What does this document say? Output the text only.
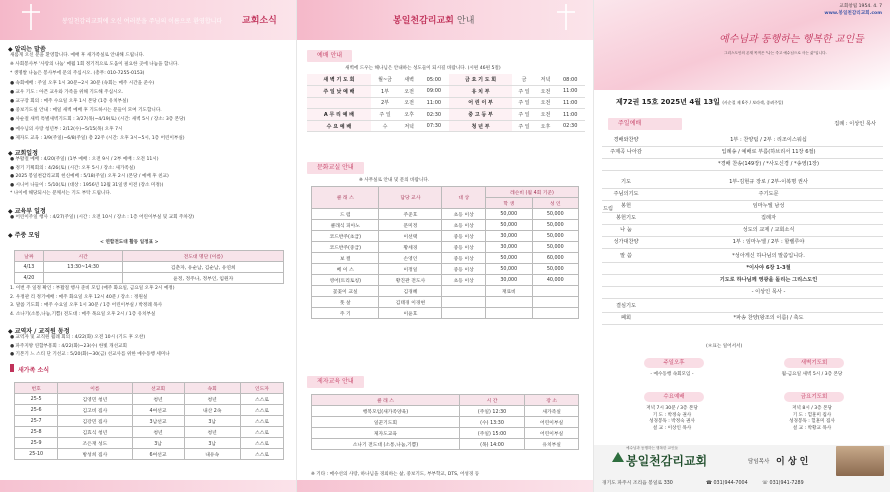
봉일천감리교회에 오신 여러분을 주님의 이름으로 환영합니다 교회소식
◆ 알리는 말씀
새롭게 오신 분을 환영합니다. 예배 후 새가족실로 안내해 드립니다.
※ 사회봉사부 '사랑의 나눔' 매월 1회 정기적으로 도움이 필요한 곳에 나눔을 합니다.
* 생명쌀 나눔은 봉사부에 문의 주십시오. (총무: 010-7255-0153)
● 속회예배 : 주일 오후 1시 30분~2시 30분 (속회는 매주 시간을 준수)
● 교우 기도 : 아픈 교우와 가족을 위해 기도해 주십시오.
● 교구장 회의 : 매주 수요일 오후 1시 본당 (1층 유치부실)
● 중보기도실 안내 : 매일 새벽 예배 후 기도하시는 분들이 모여 기도합니다.
● 사순절 새벽 특별새벽기도회 : 3/27(목)~4/19(토) (시간: 새벽 5시 / 장소: 3층 본당)
● 예수님의 사랑 청년부 : 2/12(수)~5/15(목) 오후 7시
● 제자도 교육 : 3/9(주일)~6/8(주일) 총 22주 (시간: 오후 3시~5시, 1층 어린이부실)
◆ 교회일정
● 부활절 예배 : 4/20(주일) (1부 예배 : 오전 9시 / 2부 예배 : 오전 11시)
● 정기 기획회의 : 4/26(토) (시간: 오후 5시 / 장소: 새가족실)
● 2025 봉일천감리교회 헌신예배 : 5/18(주일) 오후 2시 (본당 / 예배 후 친교)
● 시니어 나들이 : 5/10(토) (대상 : 1956년 12월 31일생 이전 (장소 미정))
* 나이에 해당되시는 분께서는 기도 부탁 드립니다.
◆ 교육부 일정
● 어린이주일 행사 : 4/27(주일) (시간 : 오전 10시 / 장소 : 1층 어린이부실 및 교회 주차장)
◆ 주중 모임
< 연합전도대 활동 일정표 >
날짜	시간	전도대 명단 (이름)
4/13	13:30~14:30	김춘자, 유순남, 김순남, 유연희
4/20		윤정, 정주나, 정부인, 임원자
1. 이번 주 일정 확인 : 부활절 행사 준비 모임 (매주 화요일, 금요일 오후 2시 예정)
2. 우정관 리 정기예배 : 매주 화요일 오후 12시 40분 / 장소 : 정원실
3. 말씀 기도회 : 매주 수요일 오후 1시 30분 / 1층 어린이부실 / 박정례 목사
4. 소나기(소통,나눔,기쁨) 전도대 : 매주 목요일 오후 2시 / 1층 유치부실
◆ 교역자 / 교직원 동정
● 교역자 및 교직원 월례 회의 : 4/22(화) 오전 10시 (기도 후 오찬)
● 파주지방 연합부흥회 : 4/22(화)~23(수) 한빛 개선교회
● 기본기 느 스티 단 기선교 : 5/20(화)~30(금) 선교사를 위한 예수동행 세미나
새가족 소식
번호	이름	선교회	속회	인도자
25-5	김영민 청년	청년	청년	스스로
25-6	김고비 집사	4여선교	내산 2속	스스로
25-7	김강민 집사	3남선교	3남	스스로
25-8	김효식 청년	청년	청년	스스로
25-9	조은재 성도	3남	3남	스스로
25-10	방성희 집사	6여선교	내유속	스스로
봉일천감리교회 안내
예배 안내
새벽에 드우는 해나님은 안내하는 성도들이 되시길 바랍니다. (시편 46편 5절)
새 벽 기 도 회	월~금	새벽	05:00	금 요 기 도 회	금	저녁	08:00
주 일 낮 예 배	1부	오전	09:00	유 치 부	주 일	오전	11:00
	2부	오전	11:00	어 린 이 부	주 일	오전	11:00
A 무 리 예 배	주 일	오후	02:30	중 고 등 부	주 일	오전	11:00
수 요 예 배	수	저녁	07:30	청 년 부	주 일	오후	02:30
문화교실 안내
※ 사무실로 안내 및 문의 바랍니다.
클 래 스	담당 교사	대 상	레슨비 (월 4회 기준)	
			학 생	성 인
드 럼	주준호	초등 이상	50,000	50,000
클래식 피아노	문미정	초등 이상	50,000	50,000
코드반주(초급)	이선택	중등 이상	30,000	50,000
코드반주(중급)	황세경	중등 이상	30,000	50,000
보 컬	손영인	중등 이상	50,000	60,000
베 이 스	이정일	중등 이상	50,000	50,000
영어(트리토칭)	황진관 전도사	초등 이상	30,000	40,000
꽃꽂이 교실	김경혜		재료비	
풋 살	김태경 이경현			
주 기	이윤호			
제자교육 안내
클 래 스	시 간	장 소
행복모임(새가족양육)	(주일) 12:30	새가족실
일꾼기도회	(수) 13:30	어린이부실
제자도교육	(주일) 15:00	어린이부실
소나기 전도대 (소통,나눔,기쁨)	(목) 14:00	유치부실
※ 기타 : 매수선의 사랑, 하나님을 경외하는 삶, 중보기도, 부부학교, DTS, 어성경 등
교회창립 1954. 4. 7
www.봉일천감리교회.com
예수님과 동행하는 행복한 교인들
그리스도인의 존재 목적은 "나는 죽고 예수님으로 사는 삶"입니다.
제72권 15호 2025년 4월 13일 (사순절 제 6주 / 보라색, 종려주일)
주일예배	집례 : 이상인 목사
경배와찬양	1부 : 찬양팀 / 2부 : 리조이스워십
주제곡 나아감	입례송 / 예배로 부름(하브리서 11장 6절)
*경배 찬송(149장) / *사도신경 / *송영(1장)
기도	1부-김현규 장로 / 2부-이복명 권사
주님의기도	주기도문
봉헌	임마누엘 남성
봉헌기도	집례자
나 눔	성도의 교제 / 교회소식
성가대찬양	1부 : 임마누엘 / 2부 : 할렐루야
말 씀	*성아게신 하나님의 말씀입니다.
*이사야 6장 1-3절
기도로 하나님께 영광을 돌리는 그리스도인
- 이상인 목사 -
결심기도
폐회	*파송 찬양(왕조의 이름) / 축도
드림
(＊표는 일어서서)
주일오후
- 예수동행 속회모임 -
새벽기도회
월-금요일 새벽 5시 / 3층 본당
수요예배
저녁 7시 30분 / 3층 본당
기 도 : 박정숙 권사
성경봉독 : 박정숙 권사
설 교 : 이상인 목사
금요기도회
저녁 8시 / 3층 본당
기 도 : 헐훈미 집사
성경봉독 : 헐훈미 집사
설 교 : 박황교 목사
예수님과 동행하는 행복한 교인들
봉일천감리교회	담임목사 이 상 인
경기도 파주시 조리읍 봉일로 330	☎ 031)944-7004	☏ 031)941-7289
